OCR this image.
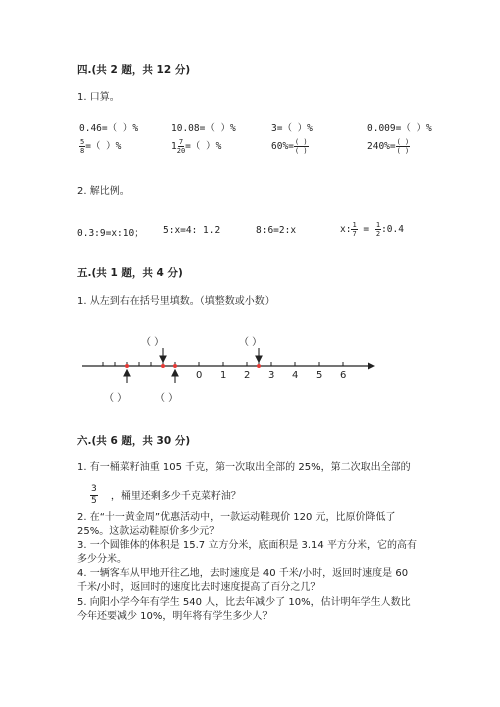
四.(共 2 题，共 12 分)
1. 口算。
0.46=（ ）%	10.08=（ ）%	3=（ ）%	0.009=（ ）%
$\frac{5}{8}$ =（ ）%	$1 \frac{7}{20}$ =（ ）%	$60\%= \frac{( )}{( )}$	$240\%= \frac{( )}{( )}$
2. 解比例。
0.3:9=x:10； 5:x=4: 1.2	8:6=2:x	x: $\frac{1}{7} = \frac{1}{2}$ :0.4
五.(共 1 题，共 4 分)
1. 从左到右在括号里填数。（填整数或小数）
（ ）	（ ）
（ ）	（ ）
0 1 2 3 4 5 6
六.(共 6 题，共 30 分)
1. 有一桶菜籽油重 105 千克，第一次取出全部的 25%，第二次取出全部的
$\frac{3}{5}$ ，桶里还剩多少千克菜籽油？
2. 在“十一黄金周”优惠活动中，一款运动鞋现价 120 元，比原价降低了 25%。这款运动鞋原价多少元？
3. 一个圆锥体的体积是 15.7 立方分米，底面积是 3.14 平方分米，它的高有多少分米。
4. 一辆客车从甲地开往乙地，去时速度是 40 千米/小时，返回时速度是 60 千米/小时，返回时的速度比去时速度提高了百分之几？
5. 向阳小学今年有学生 540 人，比去年减少了 10%，估计明年学生人数比今年还要减少 10%，明年将有学生多少人？
